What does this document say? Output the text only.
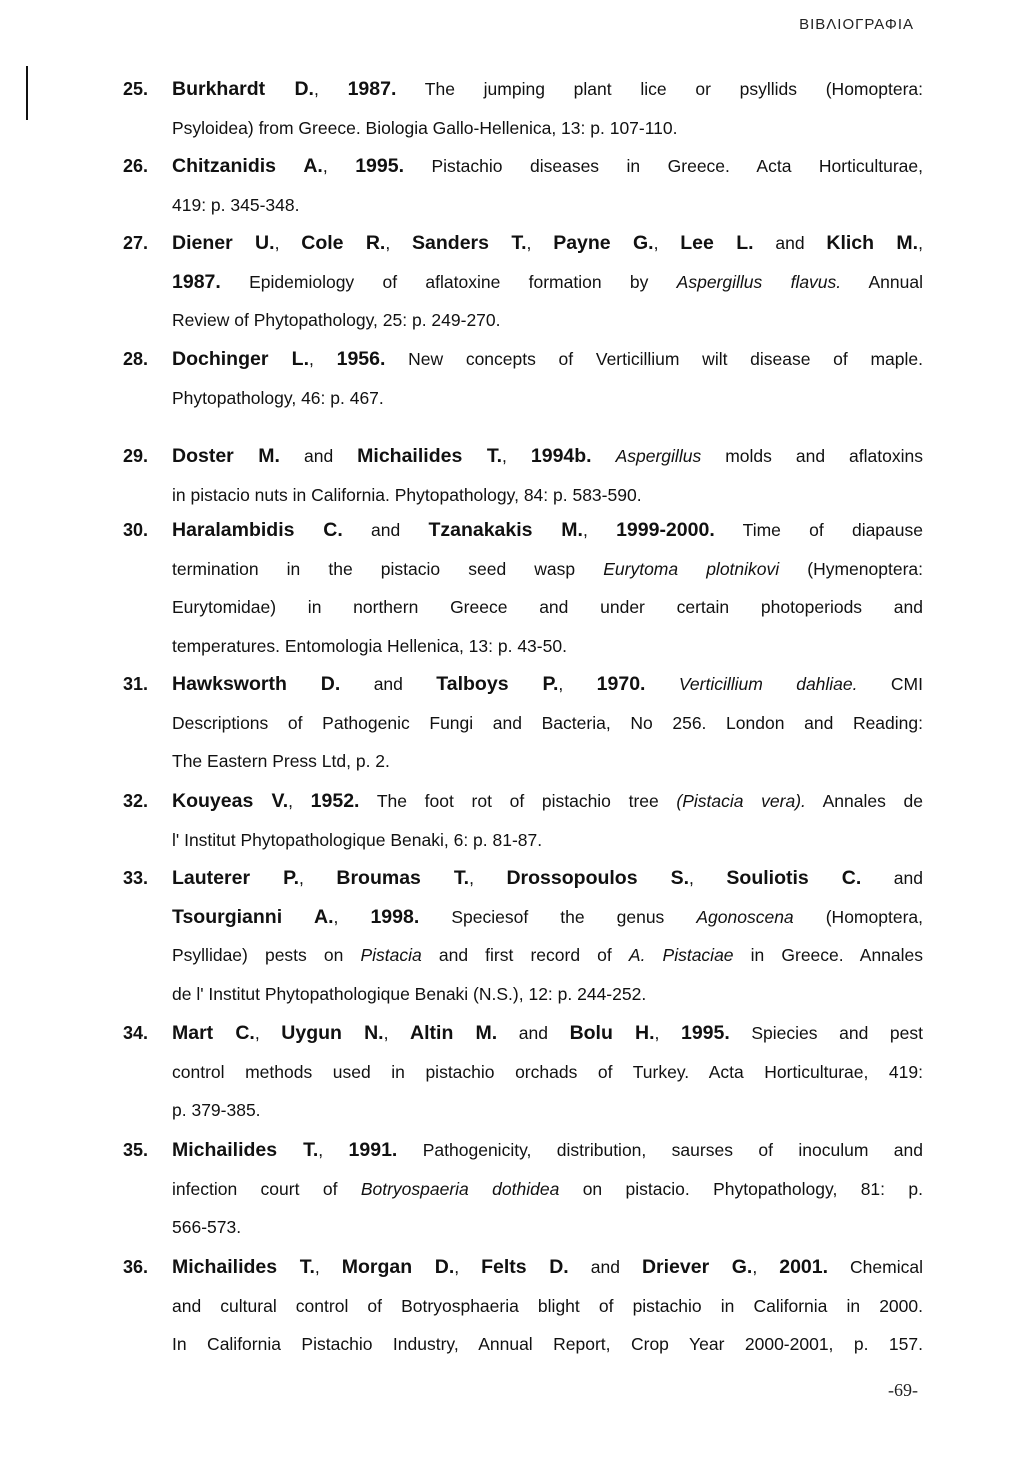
ΒΙΒΛΙΟΓΡΑΦΙΑ
25. Burkhardt D., 1987. The jumping plant lice or psyllids (Homoptera:
Psyloidea) from Greece. Biologia Gallo-Hellenica, 13: p. 107-110.
26. Chitzanidis A., 1995. Pistachio diseases in Greece. Acta Horticulturae,
419: p. 345-348.
27. Diener U., Cole R., Sanders T., Payne G., Lee L. and Klich M.,
1987. Epidemiology of aflatoxine formation by Aspergillus flavus. Annual
Review of Phytopathology, 25: p. 249-270.
28. Dochinger L., 1956. New concepts of Verticillium wilt disease of maple.
Phytopathology, 46: p. 467.
29. Doster M. and Michailides T., 1994b. Aspergillus molds and aflatoxins
in pistacio nuts in California. Phytopathology, 84: p. 583-590.
30. Haralambidis C. and Tzanakakis M., 1999-2000. Time of diapause
termination in the pistacio seed wasp Eurytoma plotnikovi (Hymenoptera:
Eurytomidae) in northern Greece and under certain photoperiods and
temperatures. Entomologia Hellenica, 13: p. 43-50.
31. Hawksworth D. and Talboys P., 1970. Verticillium dahliae. CMI
Descriptions of Pathogenic Fungi and Bacteria, No 256. London and Reading:
The Eastern Press Ltd, p. 2.
32. Kouyeas V., 1952. The foot rot of pistachio tree (Pistacia vera). Annales de
l' Institut Phytopathologique Benaki, 6: p. 81-87.
33. Lauterer P., Broumas T., Drossopoulos S., Souliotis C. and
Tsourgianni A., 1998. Speciesof the genus Agonoscena (Homoptera,
Psyllidae) pests on Pistacia and first record of A. Pistaciae in Greece. Annales
de l' Institut Phytopathologique Benaki (N.S.), 12: p. 244-252.
34. Mart C., Uygun N., Altin M. and Bolu H., 1995. Spiecies and pest
control methods used in pistachio orchads of Turkey. Acta Horticulturae, 419:
p. 379-385.
35. Michailides T., 1991. Pathogenicity, distribution, saurses of inoculum and
infection court of Botryospaeria dothidea on pistacio. Phytopathology, 81: p.
566-573.
36. Michailides T., Morgan D., Felts D. and Driever G., 2001. Chemical
and cultural control of Botryosphaeria blight of pistachio in California in 2000.
In California Pistachio Industry, Annual Report, Crop Year 2000-2001, p. 157.
-69-
